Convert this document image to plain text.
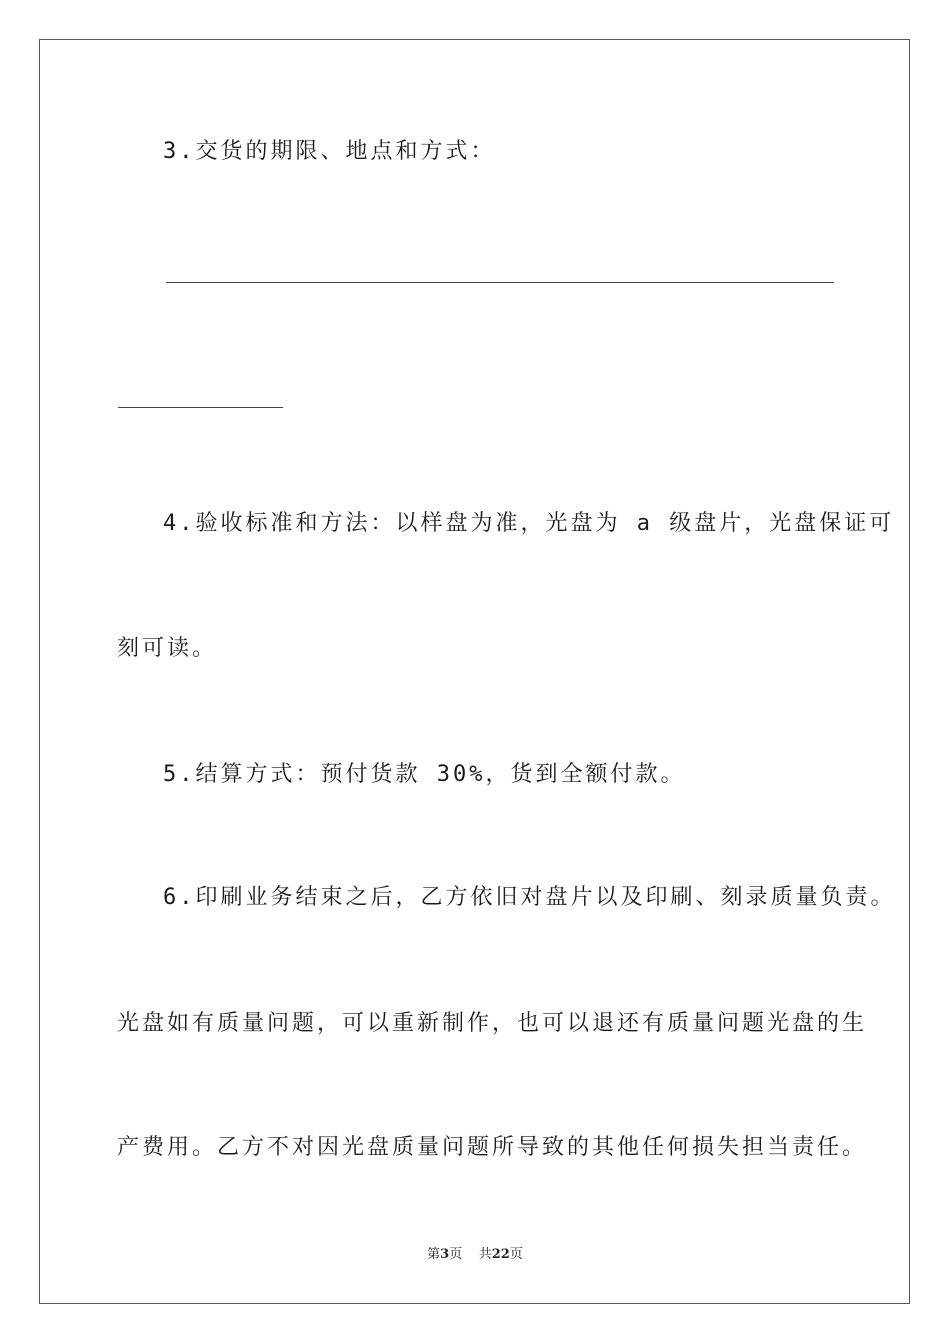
3.交货的期限、地点和方式：
4.验收标准和方法：以样盘为准，光盘为 a 级盘片，光盘保证可
刻可读。
5.结算方式：预付货款 30%，货到全额付款。
6.印刷业务结束之后，乙方依旧对盘片以及印刷、刻录质量负责。
光盘如有质量问题，可以重新制作，也可以退还有质量问题光盘的生
产费用。乙方不对因光盘质量问题所导致的其他任何损失担当责任。
第3页 共22页
